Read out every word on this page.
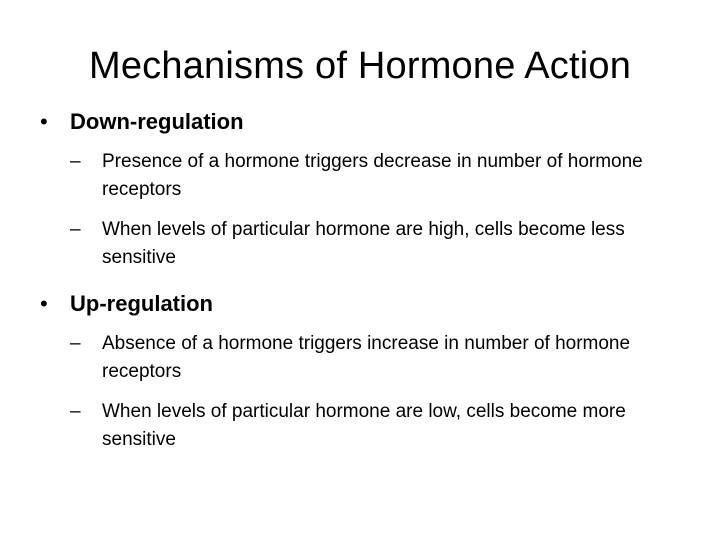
Mechanisms of Hormone Action
• Down-regulation
– Presence of a hormone triggers decrease in number of hormone receptors
– When levels of particular hormone are high, cells become less sensitive
• Up-regulation
– Absence of a hormone triggers increase in number of hormone receptors
– When levels of particular hormone are low, cells become more sensitive
